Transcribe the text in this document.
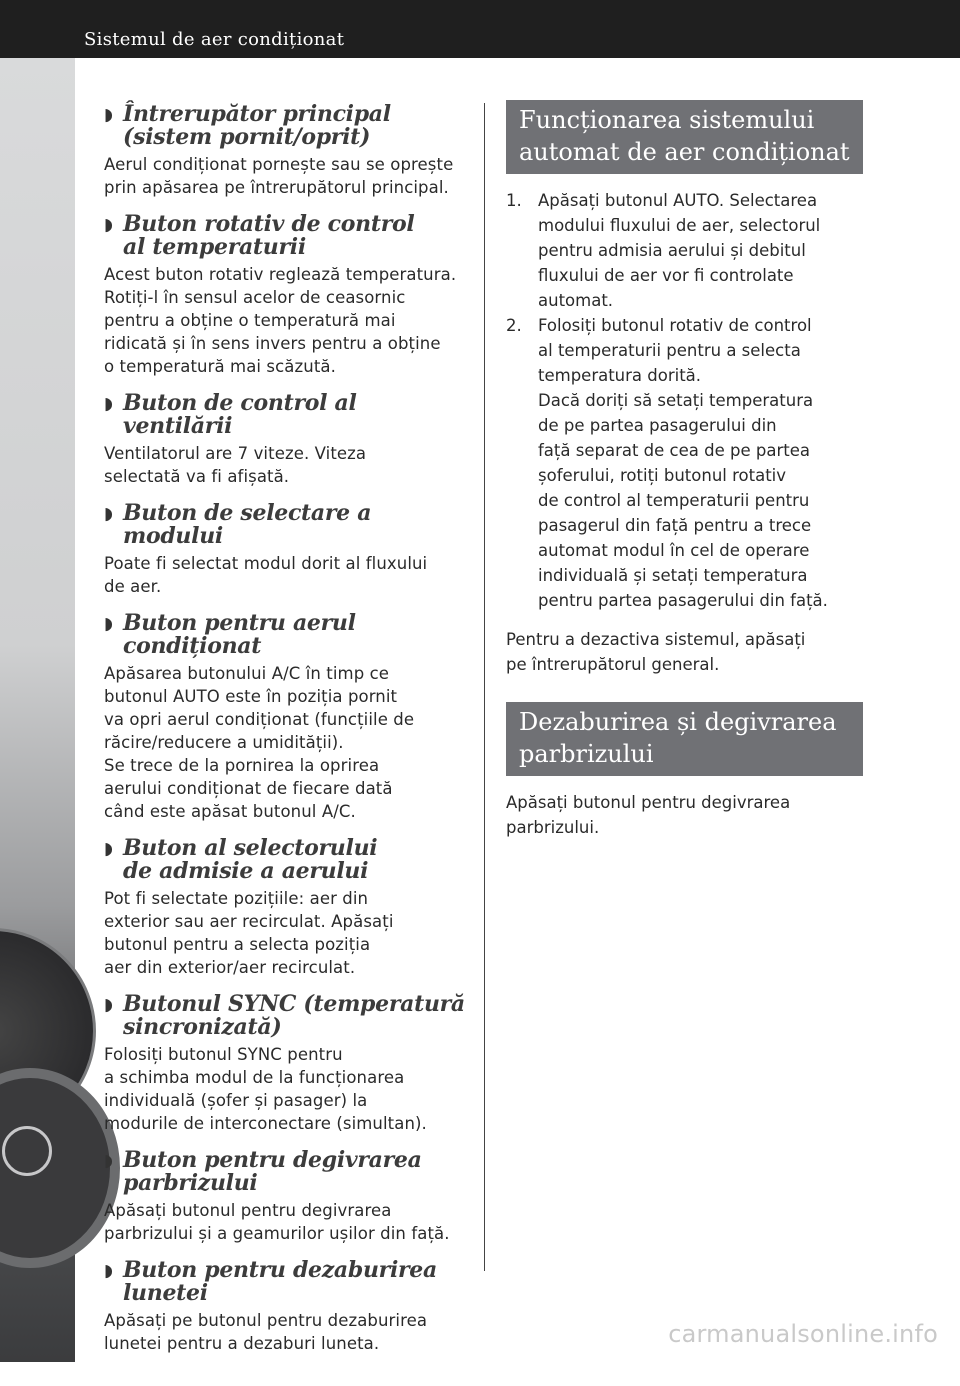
Sistemul de aer condiționat
5-6
◗ Întrerupător principal
(sistem pornit/oprit)
Aerul condiționat pornește sau se oprește
prin apăsarea pe întrerupătorul principal.
◗ Buton rotativ de control
al temperaturii
Acest buton rotativ reglează temperatura.
Rotiți-l în sensul acelor de ceasornic
pentru a obține o temperatură mai
ridicată și în sens invers pentru a obține
o temperatură mai scăzută.
◗ Buton de control al ventilării
Ventilatorul are 7 viteze. Viteza
selectată va fi afișată.
◗ Buton de selectare a modului
Poate fi selectat modul dorit al fluxului
de aer.
◗ Buton pentru aerul condiționat
Apăsarea butonului A/C în timp ce
butonul AUTO este în poziția pornit
va opri aerul condiționat (funcțiile de
răcire/reducere a umidității).
Se trece de la pornirea la oprirea
aerului condiționat de fiecare dată
când este apăsat butonul A/C.
◗ Buton al selectorului
de admisie a aerului
Pot fi selectate pozițiile: aer din
exterior sau aer recirculat. Apăsați
butonul pentru a selecta poziția
aer din exterior/aer recirculat.
◗ Butonul SYNC (temperatură
sincronizată)
Folosiți butonul SYNC pentru
a schimba modul de la funcționarea
individuală (șofer și pasager) la
modurile de interconectare (simultan).
◗ Buton pentru degivrarea
parbrizului
Apăsați butonul pentru degivrarea
parbrizului și a geamurilor ușilor din față.
◗ Buton pentru dezaburirea
lunetei
Apăsați pe butonul pentru dezaburirea
lunetei pentru a dezaburi luneta.
Funcționarea sistemului
automat de aer condiționat
1. Apăsați butonul AUTO. Selectarea
modului fluxului de aer, selectorul
pentru admisia aerului și debitul
fluxului de aer vor fi controlate
automat.
2. Folosiți butonul rotativ de control
al temperaturii pentru a selecta
temperatura dorită.
Dacă doriți să setați temperatura
de pe partea pasagerului din
față separat de cea de pe partea
șoferului, rotiți butonul rotativ
de control al temperaturii pentru
pasagerul din față pentru a trece
automat modul în cel de operare
individuală și setați temperatura
pentru partea pasagerului din față.
Pentru a dezactiva sistemul, apăsați
pe întrerupătorul general.
Dezaburirea și degivrarea
parbrizului
Apăsați butonul pentru degivrarea
parbrizului.
carmanualsonline.info
